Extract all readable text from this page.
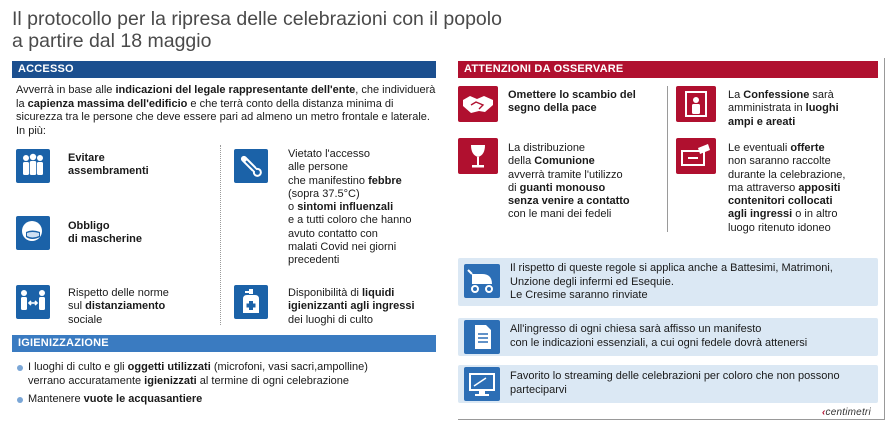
Il protocollo per la ripresa delle celebrazioni con il popolo
a partire dal 18 maggio
ACCESSO
Avverrà in base alle indicazioni del legale rappresentante dell'ente, che individuerà la capienza massima dell'edificio e che terrà conto della distanza minima di sicurezza tra le persone che deve essere pari ad almeno un metro frontale e laterale. In più:
Evitare assembramenti
Obbligo
di mascherine
Rispetto delle norme
sul distanziamento
sociale
Vietato l'accesso
alle persone
che manifestino febbre
(sopra 37.5°C)
o sintomi influenzali
e a tutti coloro che hanno
avuto contatto con
malati Covid nei giorni
precedenti
Disponibilità di liquidi
igienizzanti agli ingressi
dei luoghi di culto
IGIENIZZAZIONE
I luoghi di culto e gli oggetti utilizzati (microfoni, vasi sacri,ampolline)
verrano accuratamente igienizzati al termine di ogni celebrazione
Mantenere vuote le acquasantiere
ATTENZIONI DA OSSERVARE
Omettere lo scambio del segno della pace
La distribuzione
della Comunione
avverrà tramite l'utilizzo
di guanti monouso
senza venire a contatto
con le mani dei fedeli
La Confessione sarà
amministrata in luoghi
ampi e areati
Le eventuali offerte
non saranno raccolte
durante la celebrazione,
ma attraverso appositi
contenitori collocati
agli ingressi o in altro
luogo ritenuto idoneo
Il rispetto di queste regole si applica anche a Battesimi, Matrimoni,
Unzione degli infermi ed Esequie.
Le Cresime saranno rinviate
All'ingresso di ogni chiesa sarà affisso un manifesto
con le indicazioni essenziali, a cui ogni fedele dovrà attenersi
Favorito lo streaming delle celebrazioni per coloro che non possono
parteciparvi
‹centimetri
